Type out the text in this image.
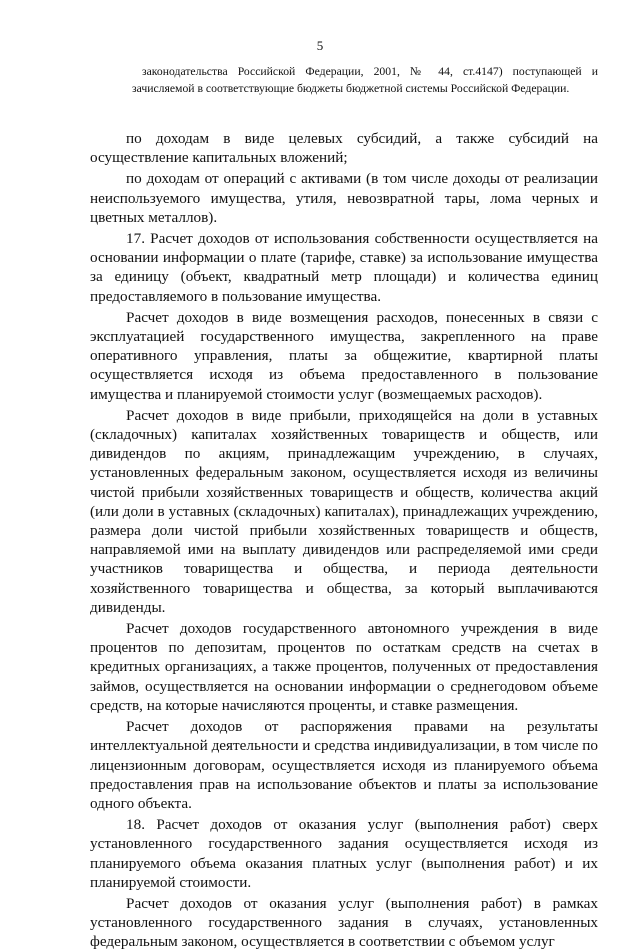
5
законодательства Российской Федерации, 2001, № 44, ст.4147) поступающей и зачисляемой в соответствующие бюджеты бюджетной системы Российской Федерации.

по доходам в виде целевых субсидий, а также субсидий на осуществление капитальных вложений;

по доходам от операций с активами (в том числе доходы от реализации неиспользуемого имущества, утиля, невозвратной тары, лома черных и цветных металлов).

17. Расчет доходов от использования собственности осуществляется на основании информации о плате (тарифе, ставке) за использование имущества за единицу (объект, квадратный метр площади) и количества единиц предоставляемого в пользование имущества.

Расчет доходов в виде возмещения расходов, понесенных в связи с эксплуатацией государственного имущества, закрепленного на праве оперативного управления, платы за общежитие, квартирной платы осуществляется исходя из объема предоставленного в пользование имущества и планируемой стоимости услуг (возмещаемых расходов).

Расчет доходов в виде прибыли, приходящейся на доли в уставных (складочных) капиталах хозяйственных товариществ и обществ, или дивидендов по акциям, принадлежащим учреждению, в случаях, установленных федеральным законом, осуществляется исходя из величины чистой прибыли хозяйственных товариществ и обществ, количества акций (или доли в уставных (складочных) капиталах), принадлежащих учреждению, размера доли чистой прибыли хозяйственных товариществ и обществ, направляемой ими на выплату дивидендов или распределяемой ими среди участников товарищества и общества, и периода деятельности хозяйственного товарищества и общества, за который выплачиваются дивиденды.

Расчет доходов государственного автономного учреждения в виде процентов по депозитам, процентов по остаткам средств на счетах в кредитных организациях, а также процентов, полученных от предоставления займов, осуществляется на основании информации о среднегодовом объеме средств, на которые начисляются проценты, и ставке размещения.

Расчет доходов от распоряжения правами на результаты интеллектуальной деятельности и средства индивидуализации, в том числе по лицензионным договорам, осуществляется исходя из планируемого объема предоставления прав на использование объектов и платы за использование одного объекта.

18. Расчет доходов от оказания услуг (выполнения работ) сверх установленного государственного задания осуществляется исходя из планируемого объема оказания платных услуг (выполнения работ) и их планируемой стоимости.

Расчет доходов от оказания услуг (выполнения работ) в рамках установленного государственного задания в случаях, установленных федеральным законом, осуществляется в соответствии с объемом услуг
